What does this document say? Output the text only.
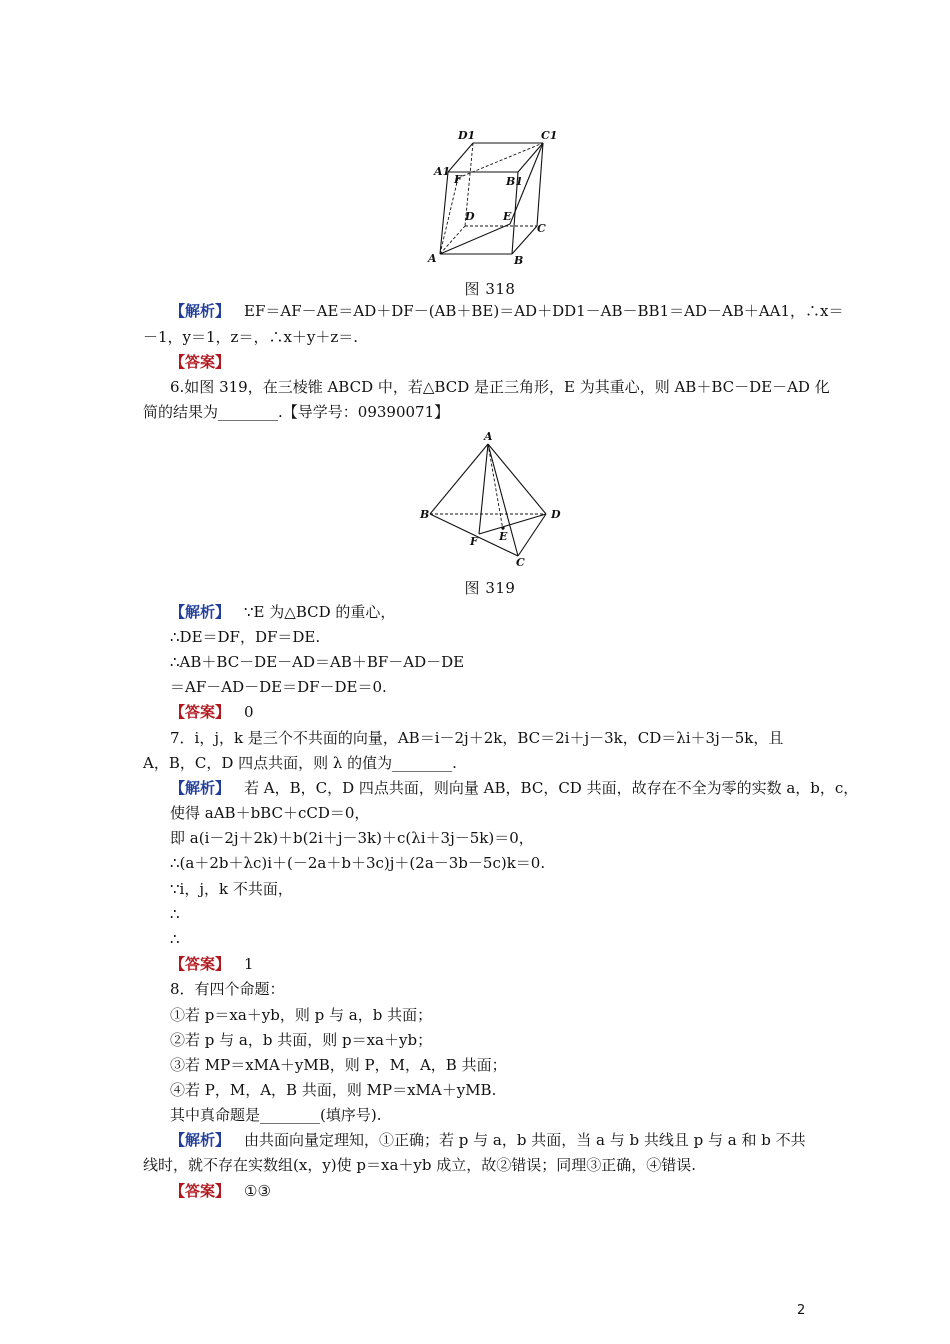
D1	C1
A1
F	B1
D	E
C
A	B
图 318
【解析】 EF＝AF－AE＝AD＋DF－(AB＋BE)＝AD＋DD1－AB－BB1＝AD－AB＋AA1，∴x＝
－1，y＝1，z＝，∴x＋y＋z＝.
【答案】
6.如图 319，在三棱锥 ABCD 中，若△BCD 是正三角形，E 为其重心，则 AB＋BC－DE－AD 化
简的结果为________.【导学号：09390071】
A
B	D
F E
C
图 319
【解析】 ∵E 为△BCD 的重心，
∴DE＝DF，DF＝DE.
∴AB＋BC－DE－AD＝AB＋BF－AD－DE
＝AF－AD－DE＝DF－DE＝0.
【答案】 0
7．i，j，k 是三个不共面的向量，AB＝i－2j＋2k，BC＝2i＋j－3k，CD＝λi＋3j－5k，且
A，B，C，D 四点共面，则 λ 的值为________.
【解析】 若 A，B，C，D 四点共面，则向量 AB，BC，CD 共面，故存在不全为零的实数 a，b，c，
使得 aAB＋bBC＋cCD＝0，
即 a(i－2j＋2k)＋b(2i＋j－3k)＋c(λi＋3j－5k)＝0，
∴(a＋2b＋λc)i＋(－2a＋b＋3c)j＋(2a－3b－5c)k＝0.
∵i，j，k 不共面，
∴
∴
【答案】 1
8．有四个命题：
①若 p＝xa＋yb，则 p 与 a，b 共面；
②若 p 与 a，b 共面，则 p＝xa＋yb；
③若 MP＝xMA＋yMB，则 P，M，A，B 共面；
④若 P，M，A，B 共面，则 MP＝xMA＋yMB.
其中真命题是________(填序号).
【解析】 由共面向量定理知，①正确；若 p 与 a，b 共面，当 a 与 b 共线且 p 与 a 和 b 不共
线时，就不存在实数组(x，y)使 p＝xa＋yb 成立，故②错误；同理③正确，④错误.
【答案】 ①③
2
